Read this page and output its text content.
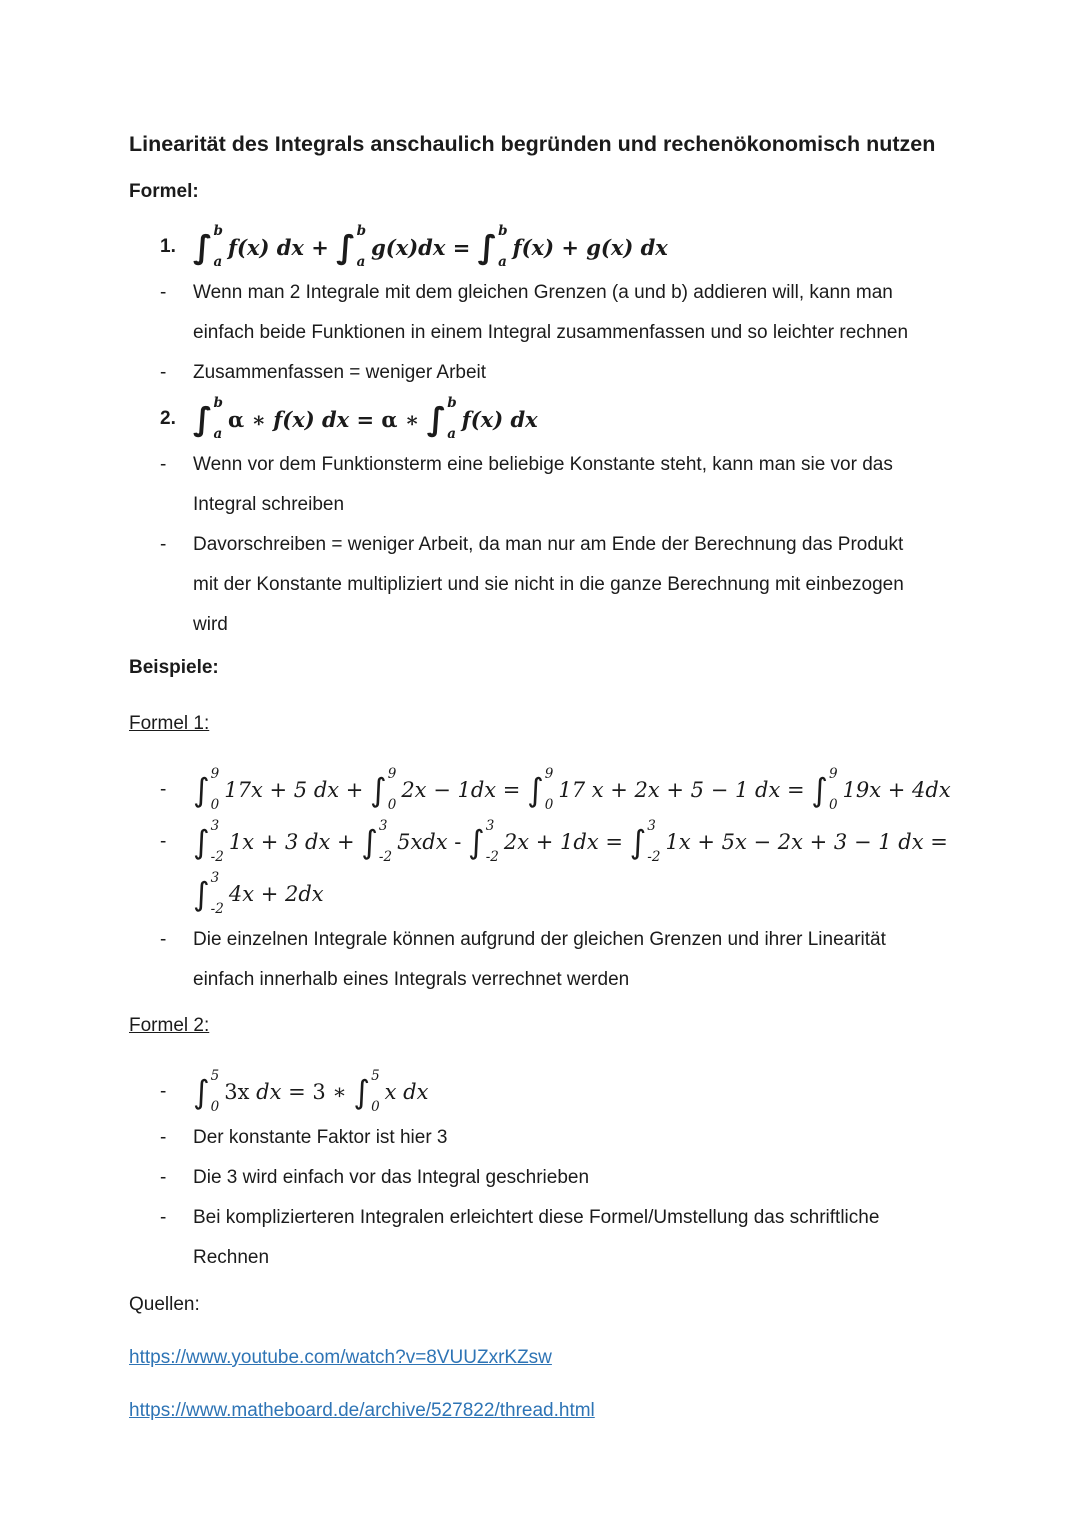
Linearität des Integrals anschaulich begründen und rechenökonomisch nutzen
Formel:
1. ∫ b
a
f(x) dx + ∫ b
a
g(x)dx = ∫ b
a
f(x) + g(x) dx
-	Wenn man 2 Integrale mit dem gleichen Grenzen (a und b) addieren will, kann man
einfach beide Funktionen in einem Integral zusammenfassen und so leichter rechnen
-	Zusammenfassen = weniger Arbeit
2. ∫ b
a
α ∗ f(x) dx = α ∗ ∫ b
a
f(x) dx
-	Wenn vor dem Funktionsterm eine beliebige Konstante steht, kann man sie vor das
Integral schreiben
-	Davorschreiben = weniger Arbeit, da man nur am Ende der Berechnung das Produkt
mit der Konstante multipliziert und sie nicht in die ganze Berechnung mit einbezogen
wird
Beispiele:
Formel 1:
- ∫ 9
0
17x + 5 dx + ∫ 9
0
2x − 1dx = ∫ 9
0
17 x + 2x + 5 − 1 dx = ∫ 9
0
19x + 4dx
- ∫ 3
-2
1x + 3 dx + ∫ 3
-2
5xdx - ∫ 3
-2
2x + 1dx = ∫ 3
-2
1x + 5x − 2x + 3 − 1 dx =
∫ 3
-2
4x + 2dx
-	Die einzelnen Integrale können aufgrund der gleichen Grenzen und ihrer Linearität
einfach innerhalb eines Integrals verrechnet werden
Formel 2:
- ∫ 5
0
3x dx = 3 ∗ ∫ 5
0
x dx
-	Der konstante Faktor ist hier 3
-	Die 3 wird einfach vor das Integral geschrieben
-	Bei komplizierteren Integralen erleichtert diese Formel/Umstellung das schriftliche
Rechnen
Quellen:
https://www.youtube.com/watch?v=8VUUZxrKZsw
https://www.matheboard.de/archive/527822/thread.html
